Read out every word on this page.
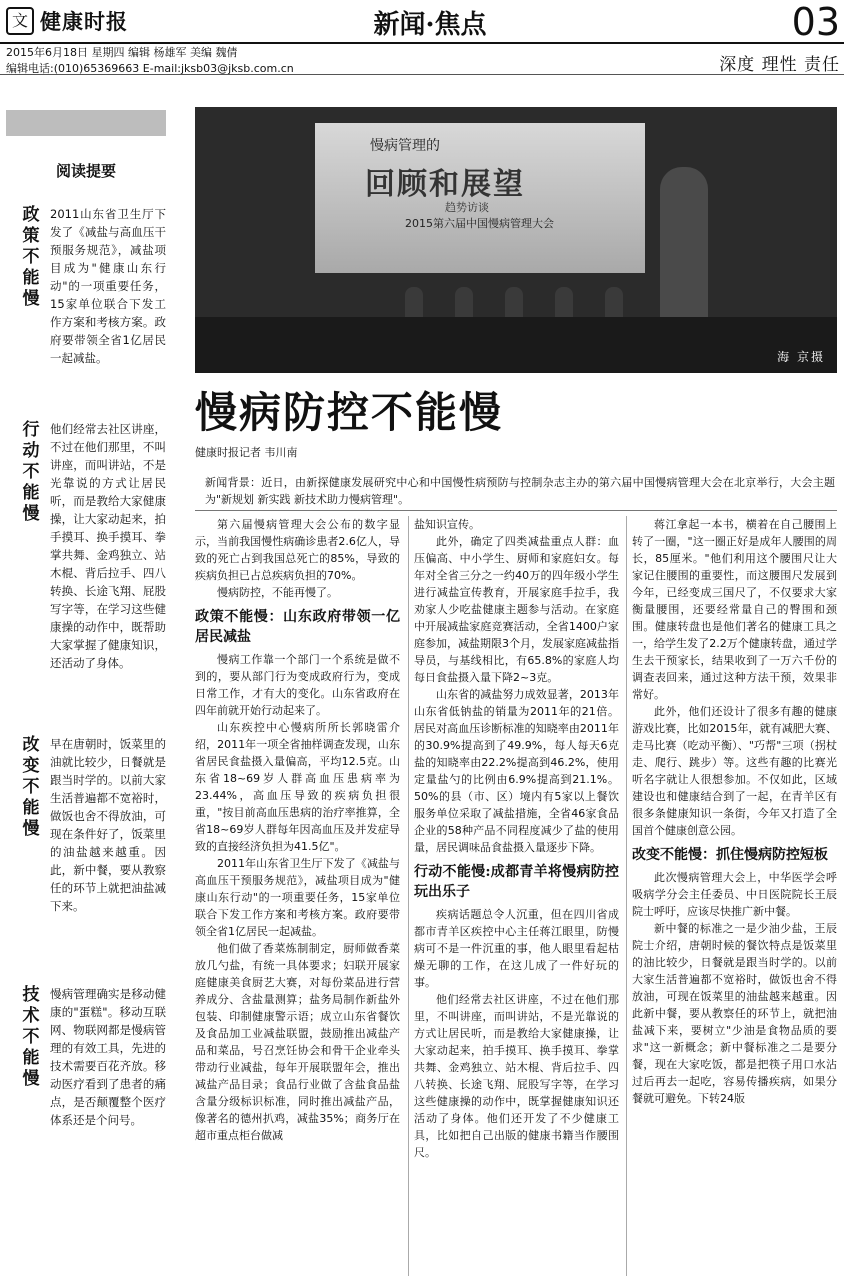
文 健康时报	新闻·焦点	03
2015年6月18日 星期四 编辑 杨雄军 美编 魏倩
编辑电话:(010)65369663 E-mail:jksb03@jksb.com.cn	深度 理性 责任
阅读提要
政策不能慢
2011山东省卫生厅下发了《减盐与高血压干预服务规范》，减盐项目成为"健康山东行动"的一项重要任务，15家单位联合下发工作方案和考核方案。政府要带领全省1亿居民一起减盐。
行动不能慢
他们经常去社区讲座，不过在他们那里，不叫讲座，而叫讲站，不是光靠说的方式让居民听，而是教给大家健康操，让大家动起来，拍手摸耳、换手摸耳、拳掌共舞、金鸡独立、站木棍、背后拉手、四八转换、长途飞翔、屁股写字等，在学习这些健康操的动作中，既帮助大家掌握了健康知识，还活动了身体。
改变不能慢
早在唐朝时，饭菜里的油就比较少，日餐就是跟当时学的。以前大家生活普遍都不宽裕时，做饭也舍不得放油，可现在条件好了，饭菜里的油盐越来越重。因此，新中餐，要从教察任的环节上就把油盐减下来。
技术不能慢
慢病管理确实是移动健康的"蛋糕"。移动互联网、物联网都是慢病管理的有效工具，先进的技术需要百花齐放。移动医疗看到了患者的痛点，是否颠覆整个医疗体系还是个问号。
慢病管理的
回顾和展望
趋势访谈
2015第六届中国慢病管理大会
海 京摄
慢病防控不能慢
健康时报记者 韦川南
新闻背景：近日，由新探健康发展研究中心和中国慢性病预防与控制杂志主办的第六届中国慢病管理大会在北京举行，大会主题为"新规划 新实践 新技术助力慢病管理"。

第六届慢病管理大会公布的数字显示，当前我国慢性病确诊患者2.6亿人，导致的死亡占到我国总死亡的85%，导致的疾病负担已占总疾病负担的70%。

慢病防控，不能再慢了。

政策不能慢：山东政府带领一亿居民减盐

慢病工作靠一个部门一个系统是做不到的，要从部门行为变成政府行为，变成日常工作，才有大的变化。山东省政府在四年前就开始行动起来了。

山东疾控中心慢病所所长郭晓雷介绍，2011年一项全省抽样调查发现，山东省居民食盐摄入量偏高，平均12.5克。山东省18~69岁人群高血压患病率为23.44%，高血压导致的疾病负担很重，"按目前高血压患病的治疗率推算，全省18~69岁人群每年因高血压及并发症导致的直接经济负担为41.5亿"。

2011年山东省卫生厅下发了《减盐与高血压干预服务规范》，减盐项目成为"健康山东行动"的一项重要任务，15家单位联合下发工作方案和考核方案。政府要带领全省1亿居民一起减盐。

他们做了香菜炼制制定，厨师做香菜放几勺盐，有统一具体要求；妇联开展家庭健康美食厨艺大赛，对每份菜品进行营养成分、含盐量测算；盐务局制作新盐外包装、印制健康警示语；成立山东省餐饮及食品加工业减盐联盟，鼓励推出减盐产品和菜品，号召烹饪协会和骨干企业牵头带动行业减盐，每年开展联盟年会，推出减盐产品目录；食品行业做了含盐食品盐含量分级标识标准，同时推出减盐产品，像著名的德州扒鸡，减盐35%；商务厅在超市重点柜台做减

盐知识宣传。

此外，确定了四类减盐重点人群：血压偏高、中小学生、厨师和家庭妇女。每年对全省三分之一约40万的四年级小学生进行减盐宣传教育，开展家庭手拉手，我劝家人少吃盐健康主题参与活动。在家庭中开展减盐家庭竞赛活动，全省1400户家庭参加，减盐期限3个月，发展家庭减盐指导员，与基线相比，有65.8%的家庭人均每日食盐摄入量下降2~3克。

山东省的减盐努力成效显著，2013年山东省低钠盐的销量为2011年的21倍。居民对高血压诊断标准的知晓率由2011年的30.9%提高到了49.9%，每人每天6克盐的知晓率由22.2%提高到46.2%，使用定量盐勺的比例由6.9%提高到21.1%。50%的县（市、区）境内有5家以上餐饮服务单位采取了减盐措施，全省46家食品企业的58种产品不同程度减少了盐的使用量，居民调味品食盐摄入量逐步下降。

行动不能慢:成都青羊将慢病防控玩出乐子

疾病话题总令人沉重，但在四川省成都市青羊区疾控中心主任蒋江眼里，防慢病可不是一件沉重的事，他人眼里看起枯燥无聊的工作，在这儿成了一件好玩的事。

他们经常去社区讲座，不过在他们那里，不叫讲座，而叫讲站，不是光靠说的方式让居民听，而是教给大家健康操，让大家动起来，拍手摸耳、换手摸耳、拳掌共舞、金鸡独立、站木棍、背后拉手、四八转换、长途飞翔、屁股写字等，在学习这些健康操的动作中，既掌握健康知识还活动了身体。他们还开发了不少健康工具，比如把自己出版的健康书籍当作腰围尺。

蒋江拿起一本书，横着在自己腰围上转了一圈，"这一圈正好是成年人腰围的周长，85厘米。"他们利用这个腰围尺让大家记住腰围的重要性，而这腰围尺发展到今年，已经变成三国尺了，不仅要求大家衡量腰围，还要经常量自己的臀围和颈围。健康转盘也是他们著名的健康工具之一，给学生发了2.2万个健康转盘，通过学生去干预家长，结果收到了一万六千份的调查表回来，通过这种方法干预，效果非常好。

此外，他们还设计了很多有趣的健康游戏比赛，比如2015年，就有减肥大赛、走马比赛（吃动平衡）、"巧帮"三项（拐杖走、爬行、跳步）等。这些有趣的比赛光听名字就让人很想参加。不仅如此，区域建设也和健康结合到了一起，在青羊区有很多条健康知识一条街，今年又打造了全国首个健康创意公园。

改变不能慢：抓住慢病防控短板

此次慢病管理大会上，中华医学会呼吸病学分会主任委员、中日医院院长王辰院士呼吁，应该尽快推广新中餐。

新中餐的标准之一是少油少盐，王辰院士介绍，唐朝时候的餐饮特点是饭菜里的油比较少，日餐就是跟当时学的。以前大家生活普遍都不宽裕时，做饭也舍不得放油，可现在饭菜里的油盐越来越重。因此新中餐，要从教察任的环节上，就把油盐减下来，要树立"少油是食物品质的要求"这一新概念；新中餐标准之二是要分餐，现在大家吃饭，都是把筷子用口水沾过后再去一起吃，容易传播疾病，如果分餐就可避免。下转24版
